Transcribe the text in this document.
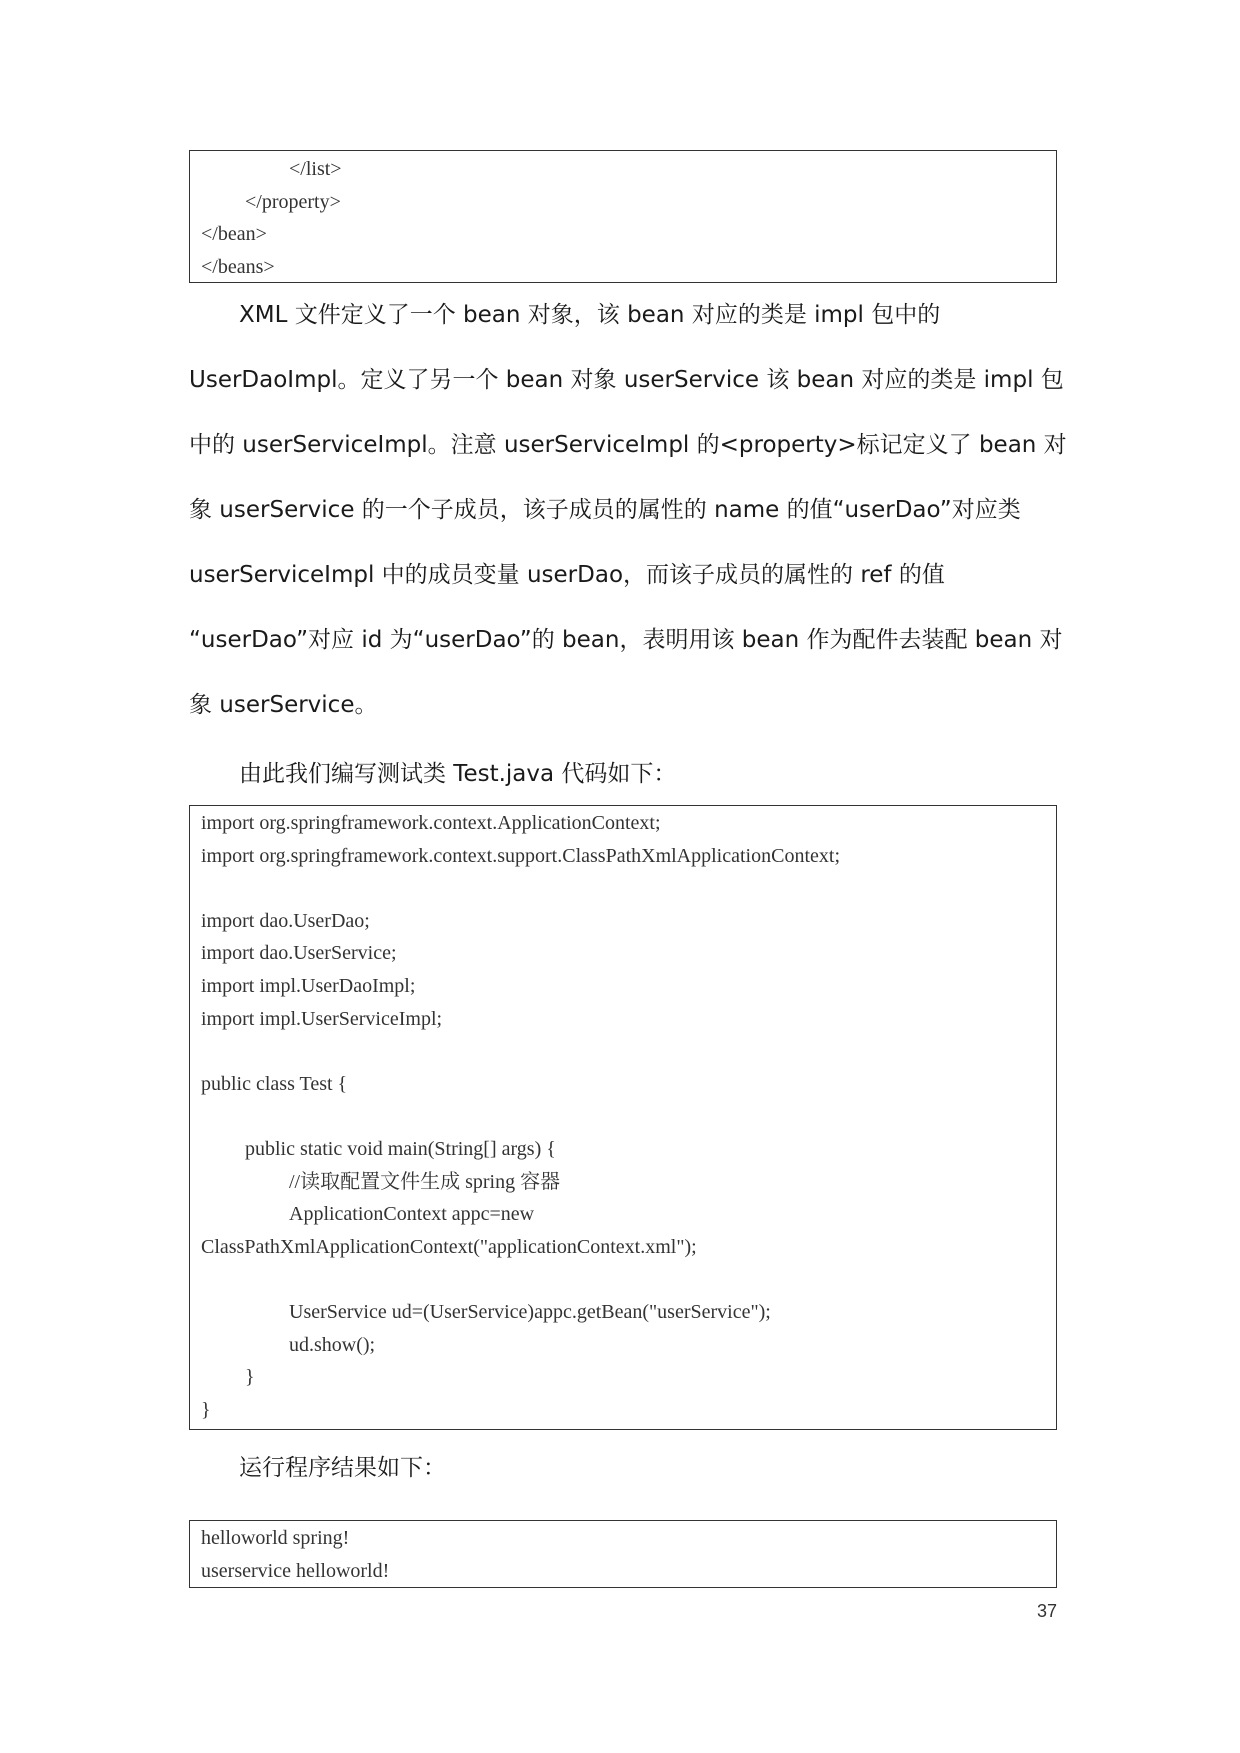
</list>
</property>
</bean>
</beans>
XML 文件定义了一个 bean 对象，该 bean 对应的类是 impl 包中的
UserDaoImpl。定义了另一个 bean 对象 userService 该 bean 对应的类是 impl 包
中的 userServiceImpl。注意 userServiceImpl 的<property>标记定义了 bean 对
象 userService 的一个子成员，该子成员的属性的 name 的值“userDao”对应类
userServiceImpl 中的成员变量 userDao，而该子成员的属性的 ref 的值
“userDao”对应 id 为“userDao”的 bean，表明用该 bean 作为配件去装配 bean 对
象 userService。
由此我们编写测试类 Test.java 代码如下：
import org.springframework.context.ApplicationContext;
import org.springframework.context.support.ClassPathXmlApplicationContext;
import dao.UserDao;
import dao.UserService;
import impl.UserDaoImpl;
import impl.UserServiceImpl;
public class Test {
public static void main(String[] args) {
//读取配置文件生成 spring 容器
ApplicationContext appc=new
ClassPathXmlApplicationContext("applicationContext.xml");
UserService ud=(UserService)appc.getBean("userService");
ud.show();
}
}
运行程序结果如下：
helloworld spring!
userservice helloworld!
37
